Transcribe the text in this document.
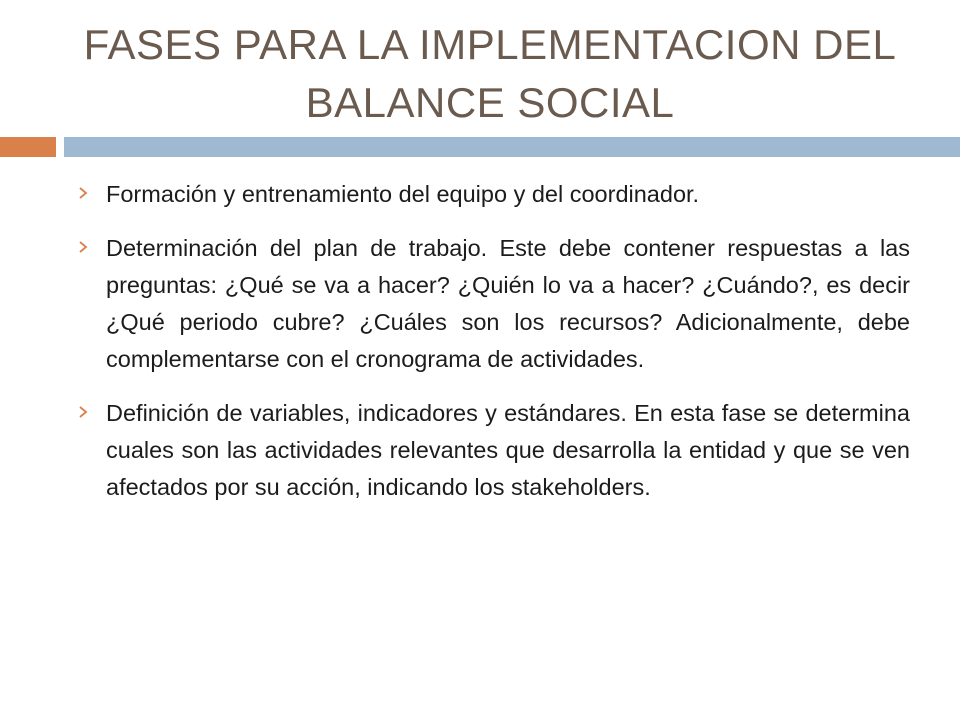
FASES PARA LA IMPLEMENTACION DEL BALANCE SOCIAL
Formación y entrenamiento del equipo y del coordinador.
Determinación del plan de trabajo. Este debe contener respuestas a las preguntas: ¿Qué se va a hacer? ¿Quién lo va a hacer? ¿Cuándo?, es decir ¿Qué periodo cubre? ¿Cuáles son los recursos? Adicionalmente, debe complementarse con el cronograma de actividades.
Definición de variables, indicadores y estándares. En esta fase se determina cuales son las actividades relevantes que desarrolla la entidad y que se ven afectados por su acción, indicando los stakeholders.
